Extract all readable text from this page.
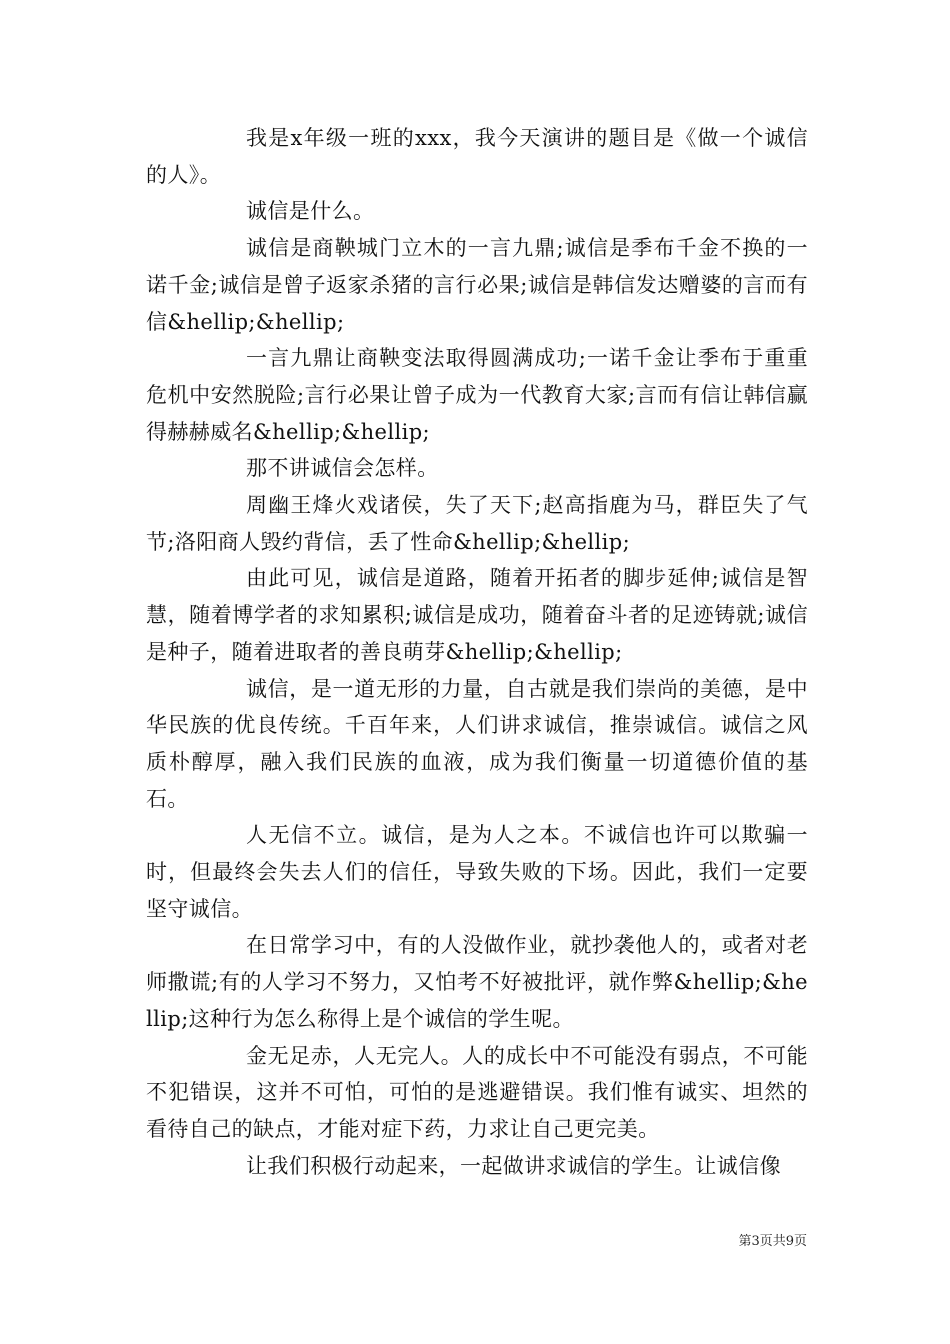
我是x年级一班的xxx，我今天演讲的题目是《做一个诚信的人》。

诚信是什么。

诚信是商鞅城门立木的一言九鼎;诚信是季布千金不换的一诺千金;诚信是曾子返家杀猪的言行必果;诚信是韩信发达赠婆的言而有信&hellip;&hellip;

一言九鼎让商鞅变法取得圆满成功;一诺千金让季布于重重危机中安然脱险;言行必果让曾子成为一代教育大家;言而有信让韩信赢得赫赫威名&hellip;&hellip;

那不讲诚信会怎样。

周幽王烽火戏诸侯，失了天下;赵高指鹿为马，群臣失了气节;洛阳商人毁约背信，丢了性命&hellip;&hellip;

由此可见，诚信是道路，随着开拓者的脚步延伸;诚信是智慧，随着博学者的求知累积;诚信是成功，随着奋斗者的足迹铸就;诚信是种子，随着进取者的善良萌芽&hellip;&hellip;

诚信，是一道无形的力量，自古就是我们崇尚的美德，是中华民族的优良传统。千百年来，人们讲求诚信，推崇诚信。诚信之风质朴醇厚，融入我们民族的血液，成为我们衡量一切道德价值的基石。

人无信不立。诚信，是为人之本。不诚信也许可以欺骗一时，但最终会失去人们的信任，导致失败的下场。因此，我们一定要坚守诚信。

在日常学习中，有的人没做作业，就抄袭他人的，或者对老师撒谎;有的人学习不努力，又怕考不好被批评，就作弊&hellip;&hellip;这种行为怎么称得上是个诚信的学生呢。

金无足赤，人无完人。人的成长中不可能没有弱点，不可能不犯错误，这并不可怕，可怕的是逃避错误。我们惟有诚实、坦然的看待自己的缺点，才能对症下药，力求让自己更完美。

让我们积极行动起来，一起做讲求诚信的学生。让诚信像

第3页共9页
